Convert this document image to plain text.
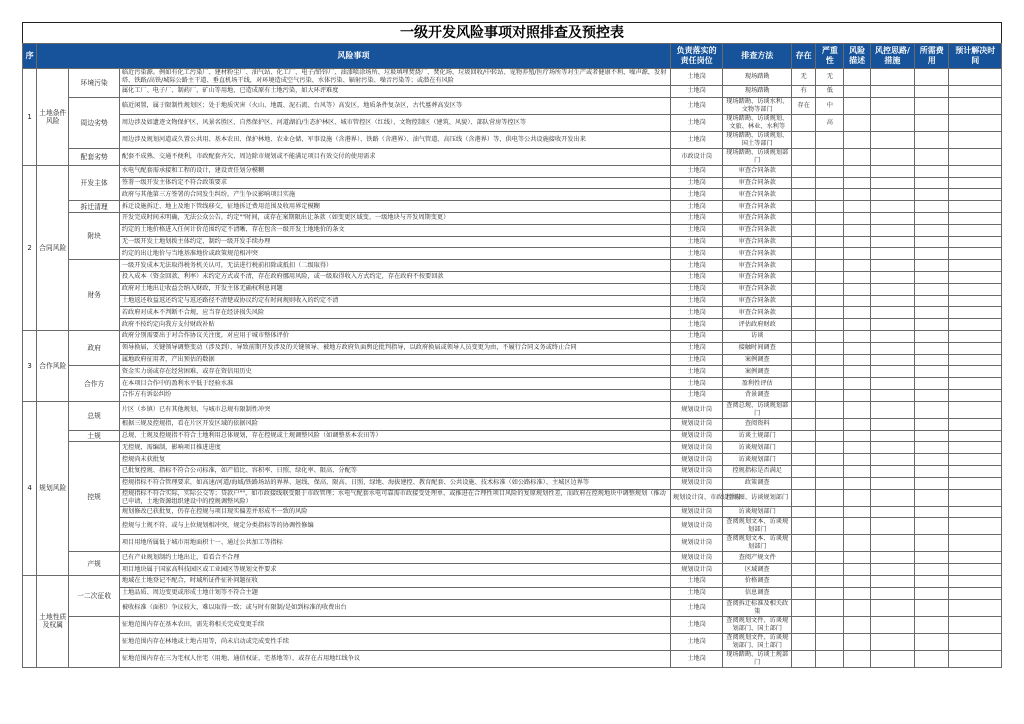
一级开发风险事项对照排查及预控表
序	风险事项			负责落实的责任岗位	排查方法	存在	严重性	风险描述	风控思路/措施	所需费用	预计解决时间
1	土地条件风险	环境污染	临近污染源。例如有化工污染厂、建材粉尘厂、油气站、化工厂、电子/铅锌厂、油漆喷涂场所、垃圾填埋焚烧厂、焚化场、垃圾回收/中转站、宠物养殖/医疗场所等对生产或者健康不利，噪声源，发射塔、铁路/高铁/城际公路主干道、垂直机场干线，对环境造成空气污染、水体污染、辐射污染、噪音污染等；或潜在有风险	土地岗	现场踏勘	无	无				
			属化工厂、电子厂、制药厂、矿山等用地，已造成原有土地污染，如大环评难度	土地岗	现场踏勘	有	低				
		周边劣势	临近闲置，属于限制性规划区；处于地质灾害（火山、地震、泥石流、台风等）高发区，地质条件复杂区，古代墓葬高发区等	土地岗	现场踏勘、访谈水利、文物等部门	存在	中				
			周边涉及如遗迹文物保护区、风景名胜区、自然保护区、河道湖泊/生态护林区、城市管控区（红线）、文物控制区（建筑、风貌）、部队营房等控区等	土地岗	现场踏勘、访谈规划、文旅、林业、水利等		高				
			周边涉及规划河道或久置公共用、基本农田、保护林地、农业仓储、军事设施（含港界）、铁路（含港界）、油气管道、高压线（含港界）等，供电等公共设施接收开发出来	土地岗	现场踏勘、访谈规划、国土等部门						
		配套劣势	配套不成熟、交通不便利，市政配套齐欠、周边除市规划或不能满足项目有效交付的使用需求	市政设计岗	现场踏勘、访谈规划部门						
2	合同风险	开发主体	水电气配套需承接和工程的设计，建设责任划分模糊	土地岗	审查合同条款						
			签署一级开发主体约定不符合政策要求	土地岗	审查合同条款						
			政府与其他第三方签署的合同发生纠纷，产生争议影响项目实施	土地岗	审查合同条款						
		拆迁清理	拆迁设施拆迁、地上及地下管线移交，征地拆迁费用范围及收用界定模糊	土地岗	审查合同条款						
		附块	开发完成时间未明确，无法公众公告，约定""时间，或存在案期限出让条款（如变更区域变、一级地块与开发周期变更）	土地岗	审查合同条款						
			约定的土地价格进入任何计价范围约定不清晰，存在包含一级开发土地地价的条文	土地岗	审查合同条款						
			无一级开发土地划拨主体约定，制约一级开发手续办理	土地岗	审查合同条款						
			约定的出让地价与当地基准地价或政策规范相冲突	土地岗	审查合同条款						
		财务	一级开发成本无法取得税务机关认可，无法进行税前扣除或抵扣（二级取得）	土地岗	审查合同条款						
			投入成本（资金回款、利率）未约定方式或不清，存在政府挪用风险，或一级取得收入方式约定，存在政府不按要回款	土地岗	审查合同条款						
			政府对土地出让收益会纳入财政，开发主体无确权利息问题	土地岗	审查合同条款						
			土地返还收益返还约定与返还路径不清楚或协议约定有时间规则收入的约定不清	土地岗	审查合同条款						
			若政府对成本不判断不合规，应当存在经济损失风险	土地岗	审查合同条款						
			政府不按约定向我方支付财政补贴	土地岗	评估政府财政						
3	合作风险	政府	政府分别需要出于对合作协议关注度，对应用于城市整体评价	土地岗	访谈						
			领导换届，关键领导调整变动（涉及到），导致前期开发涉及的关键领导、被地方政府负面舆论批判指导，以政府换届或领导人员变更为由，不履行合同义务或终止合同	土地岗	接触时间调查						
			属地政府征用者，产出预估的数据	土地岗	案例调查						
		合作方	资金实力弱或存在经营困难，或存在资信用历史	土地岗	案例调查						
			在本项目合作中的盈利水平低于经验水准	土地岗	盈利性评估						
			合作方有诉讼纠纷	土地岗	背景调查						
4	规划风险	总规	片区（乡镇）已有其他规划，与城市总规有限制性冲突	规划设计岗	查阅总规、访谈规划部门						
			根据三规及控规指，看在片区开发区域的依据风险	规划设计岗	查阅资料						
		土规	总规、土规及控规指不符合土地利用总体规划，存在控规或土规调整风险（如调整基本农田等）	规划设计岗	访谈土规部门						
		控规	无控规，需编制，影响项目推进进度	规划设计岗	访谈规划部门						
			控规尚未获批复	规划设计岗	访谈规划部门						
			已批复控规、指标不符合公司标准，如产值比、容积率、日照、绿化率、限高、分配等	规划设计岗	控规指标是否满足						
			控规指标不符合管理要求，如高速/河道/海域/铁路场站的界界、退线、保高、限高、日照、绿地、海拔建控、教育配套、公共设施、技术标准（如公路标准）、主城区边界等	规划设计岗	政策调查						
			控规指标不符合实际，实际公交等；贷款户""，如市政接线联受限于市政管理；水电气配套水电可靠需市政接受处理单，或推进在合理性项目风险的复原规划性差，而政府在控规地块中调整规划（推动已申请，土地资源组织建设中的控规调整风险）	规划设计岗、市政设计岗	控规图、访谈规划部门						
			规划修改已获批复，仍存在控规与项目现实偏差并形成不一致的风险	规划设计岗	访谈规划部门						
			控规与土规不符、或与上位规划相冲突，规定分类指标等的协调性修编	规划设计岗	查阅规划文本、访谈规划部门						
			项目用地所属低于城市用地面积十一、通过公共加工等指标	规划设计岗	查阅规划文本、访谈规划部门						
		产规	已有产业规划制约土地出让，看看合不合理	规划设计岗	查阅产规文件						
			项目地块属于国家高科技园区或工业园区等规划文件要求	规划设计岗	区域调查						
	土地性质及权属	一二次征收	地域在土地登记不配合，时域所证件征补问题征收	土地岗	价格调查						
			土地品质、周边变更或形成土地计划等不符合主题	土地岗	信息调查						
			被收标准（面积）争议较大，难以取得一致；或与时有限制/是如到标准的收费出台	土地岗	查阅拆迁标准及相关政策						
			征地范围内存在基本农田，需先将相关完成变更手续	土地岗	查阅规划文件、访谈规划部门、国土部门						
			征地范围内存在林地或土地占用等，尚未启动或完成变性手续	土地岗	查阅规划文件、访谈规划部门、国土部门						
			征地范围内存在三为宅权人住宅（用地、通信权证、宅基地等），或存在占用地红线争议	土地岗	现场踏勘、访谈土规部门						
